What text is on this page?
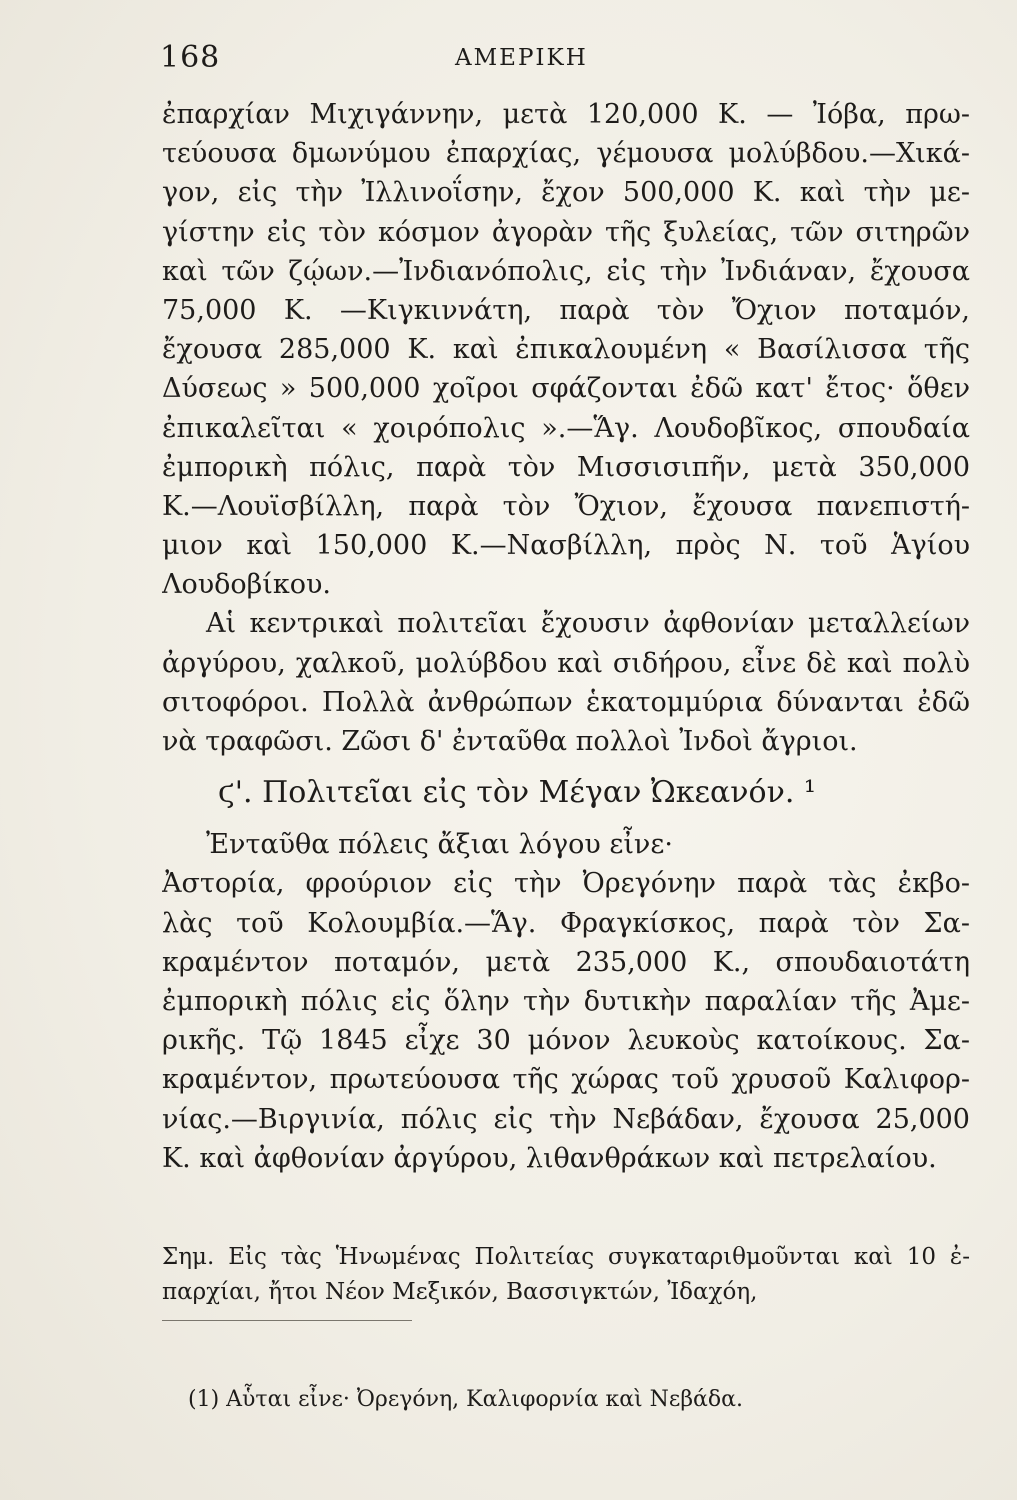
168	ΑΜΕΡΙΚΗ
ἐπαρχίαν Μιχιγάννην, μετὰ 120,000 Κ. — Ἰόβα, πρω-
τεύουσα δμωνύμου ἐπαρχίας, γέμουσα μολύβδου.—Χικά-
γον, εἰς τὴν Ἰλλινοΐσην, ἔχον 500,000 Κ. καὶ τὴν με-
γίστην εἰς τὸν κόσμον ἀγορὰν τῆς ξυλείας, τῶν σιτηρῶν
καὶ τῶν ζῴων.—Ἰνδιανόπολις, εἰς τὴν Ἰνδιάναν, ἔχουσα
75,000 Κ. —Κιγκιννάτη, παρὰ τὸν Ὄχιον ποταμόν,
ἔχουσα 285,000 Κ. καὶ ἐπικαλουμένη « Βασίλισσα τῆς
Δύσεως » 500,000 χοῖροι σφάζονται ἐδῶ κατ' ἔτος· ὅθεν
ἐπικαλεῖται « χοιρόπολις ».—Ἅγ. Λουδοβῖκος, σπουδαία
ἐμπορικὴ πόλις, παρὰ τὸν Μισσισιπῆν, μετὰ 350,000
Κ.—Λουϊσβίλλη, παρὰ τὸν Ὄχιον, ἔχουσα πανεπιστή-
μιον καὶ 150,000 Κ.—Νασβίλλη, πρὸς Ν. τοῦ Ἁγίου
Λουδοβίκου.
Αἱ κεντρικαὶ πολιτεῖαι ἔχουσιν ἀφθονίαν μεταλλείων
ἀργύρου, χαλκοῦ, μολύβδου καὶ σιδήρου, εἶνε δὲ καὶ πολὺ
σιτοφόροι. Πολλὰ ἀνθρώπων ἑκατομμύρια δύνανται ἐδῶ
νὰ τραφῶσι. Ζῶσι δ' ἐνταῦθα πολλοὶ Ἰνδοὶ ἄγριοι.
ϛ'. Πολιτεῖαι εἰς τὸν Μέγαν Ὠκεανόν. ¹
Ἐνταῦθα πόλεις ἄξιαι λόγου εἶνε·
Ἀστορία, φρούριον εἰς τὴν Ὀρεγόνην παρὰ τὰς ἐκβο-
λὰς τοῦ Κολουμβία.—Ἅγ. Φραγκίσκος, παρὰ τὸν Σα-
κραμέντον ποταμόν, μετὰ 235,000 Κ., σπουδαιοτάτη
ἐμπορικὴ πόλις εἰς ὅλην τὴν δυτικὴν παραλίαν τῆς Ἀμε-
ρικῆς. Τῷ 1845 εἶχε 30 μόνον λευκοὺς κατοίκους. Σα-
κραμέντον, πρωτεύουσα τῆς χώρας τοῦ χρυσοῦ Καλιφορ-
νίας.—Βιργινία, πόλις εἰς τὴν Νεβάδαν, ἔχουσα 25,000
Κ. καὶ ἀφθονίαν ἀργύρου, λιθανθράκων καὶ πετρελαίου.
Σημ. Εἰς τὰς Ἡνωμένας Πολιτείας συγκαταριθμοῦνται καὶ 10 ἐ-
παρχίαι, ἤτοι Νέον Μεξικόν, Βασσιγκτών, Ἰδαχόη,
(1) Αὗται εἶνε· Ὀρεγόνη, Καλιφορνία καὶ Νεβάδα.
